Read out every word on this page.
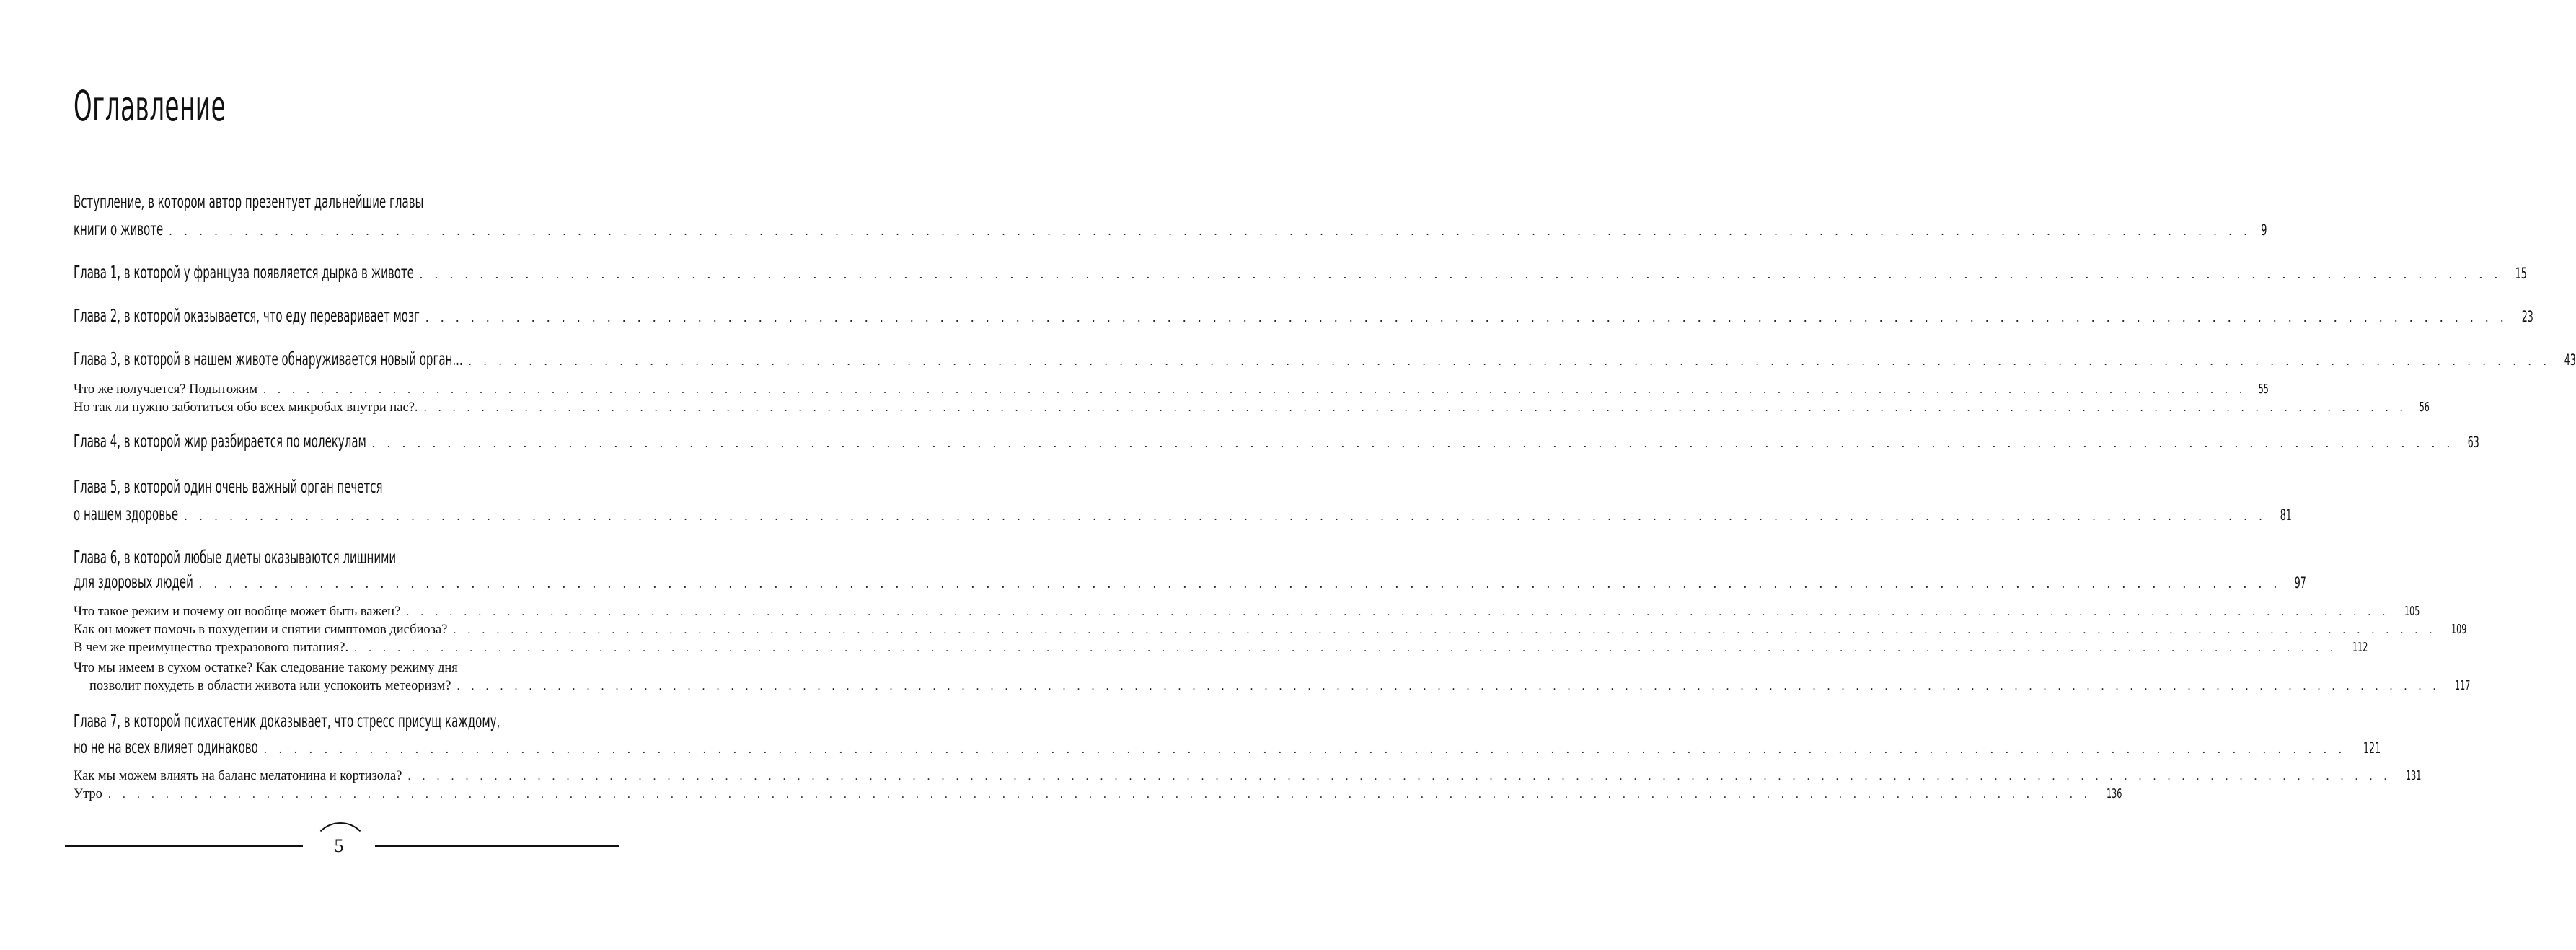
Оглавление
Вступление, в котором автор презентует дальнейшие главы
книги о животе . . .	9
Глава 1, в которой у француза появляется дырка в животе . . .	15
Глава 2, в которой оказывается, что еду переваривает мозг . . .	23
Глава 3, в которой в нашем животе обнаруживается новый орган... . . .	43
Что же получается? Подытожим . . .	55
Но так ли нужно заботиться обо всех микробах внутри нас?. . . .	56
Глава 4, в которой жир разбирается по молекулам . . .	63
Глава 5, в которой один очень важный орган печется
о нашем здоровье . . .	81
Глава 6, в которой любые диеты оказываются лишними
для здоровых людей . . .	97
Что такое режим и почему он вообще может быть важен? . . .	105
Как он может помочь в похудении и снятии симптомов дисбиоза? . . .	109
В чем же преимущество трехразового питания?. . . .	112
Что мы имеем в сухом остатке? Как следование такому режиму дня
позволит похудеть в области живота или успокоить метеоризм? . . .	117
Глава 7, в которой психастеник доказывает, что стресс присущ каждому,
но не на всех влияет одинаково . . .	121
Как мы можем влиять на баланс мелатонина и кортизола? . . .	131
Утро . . .	136
5
